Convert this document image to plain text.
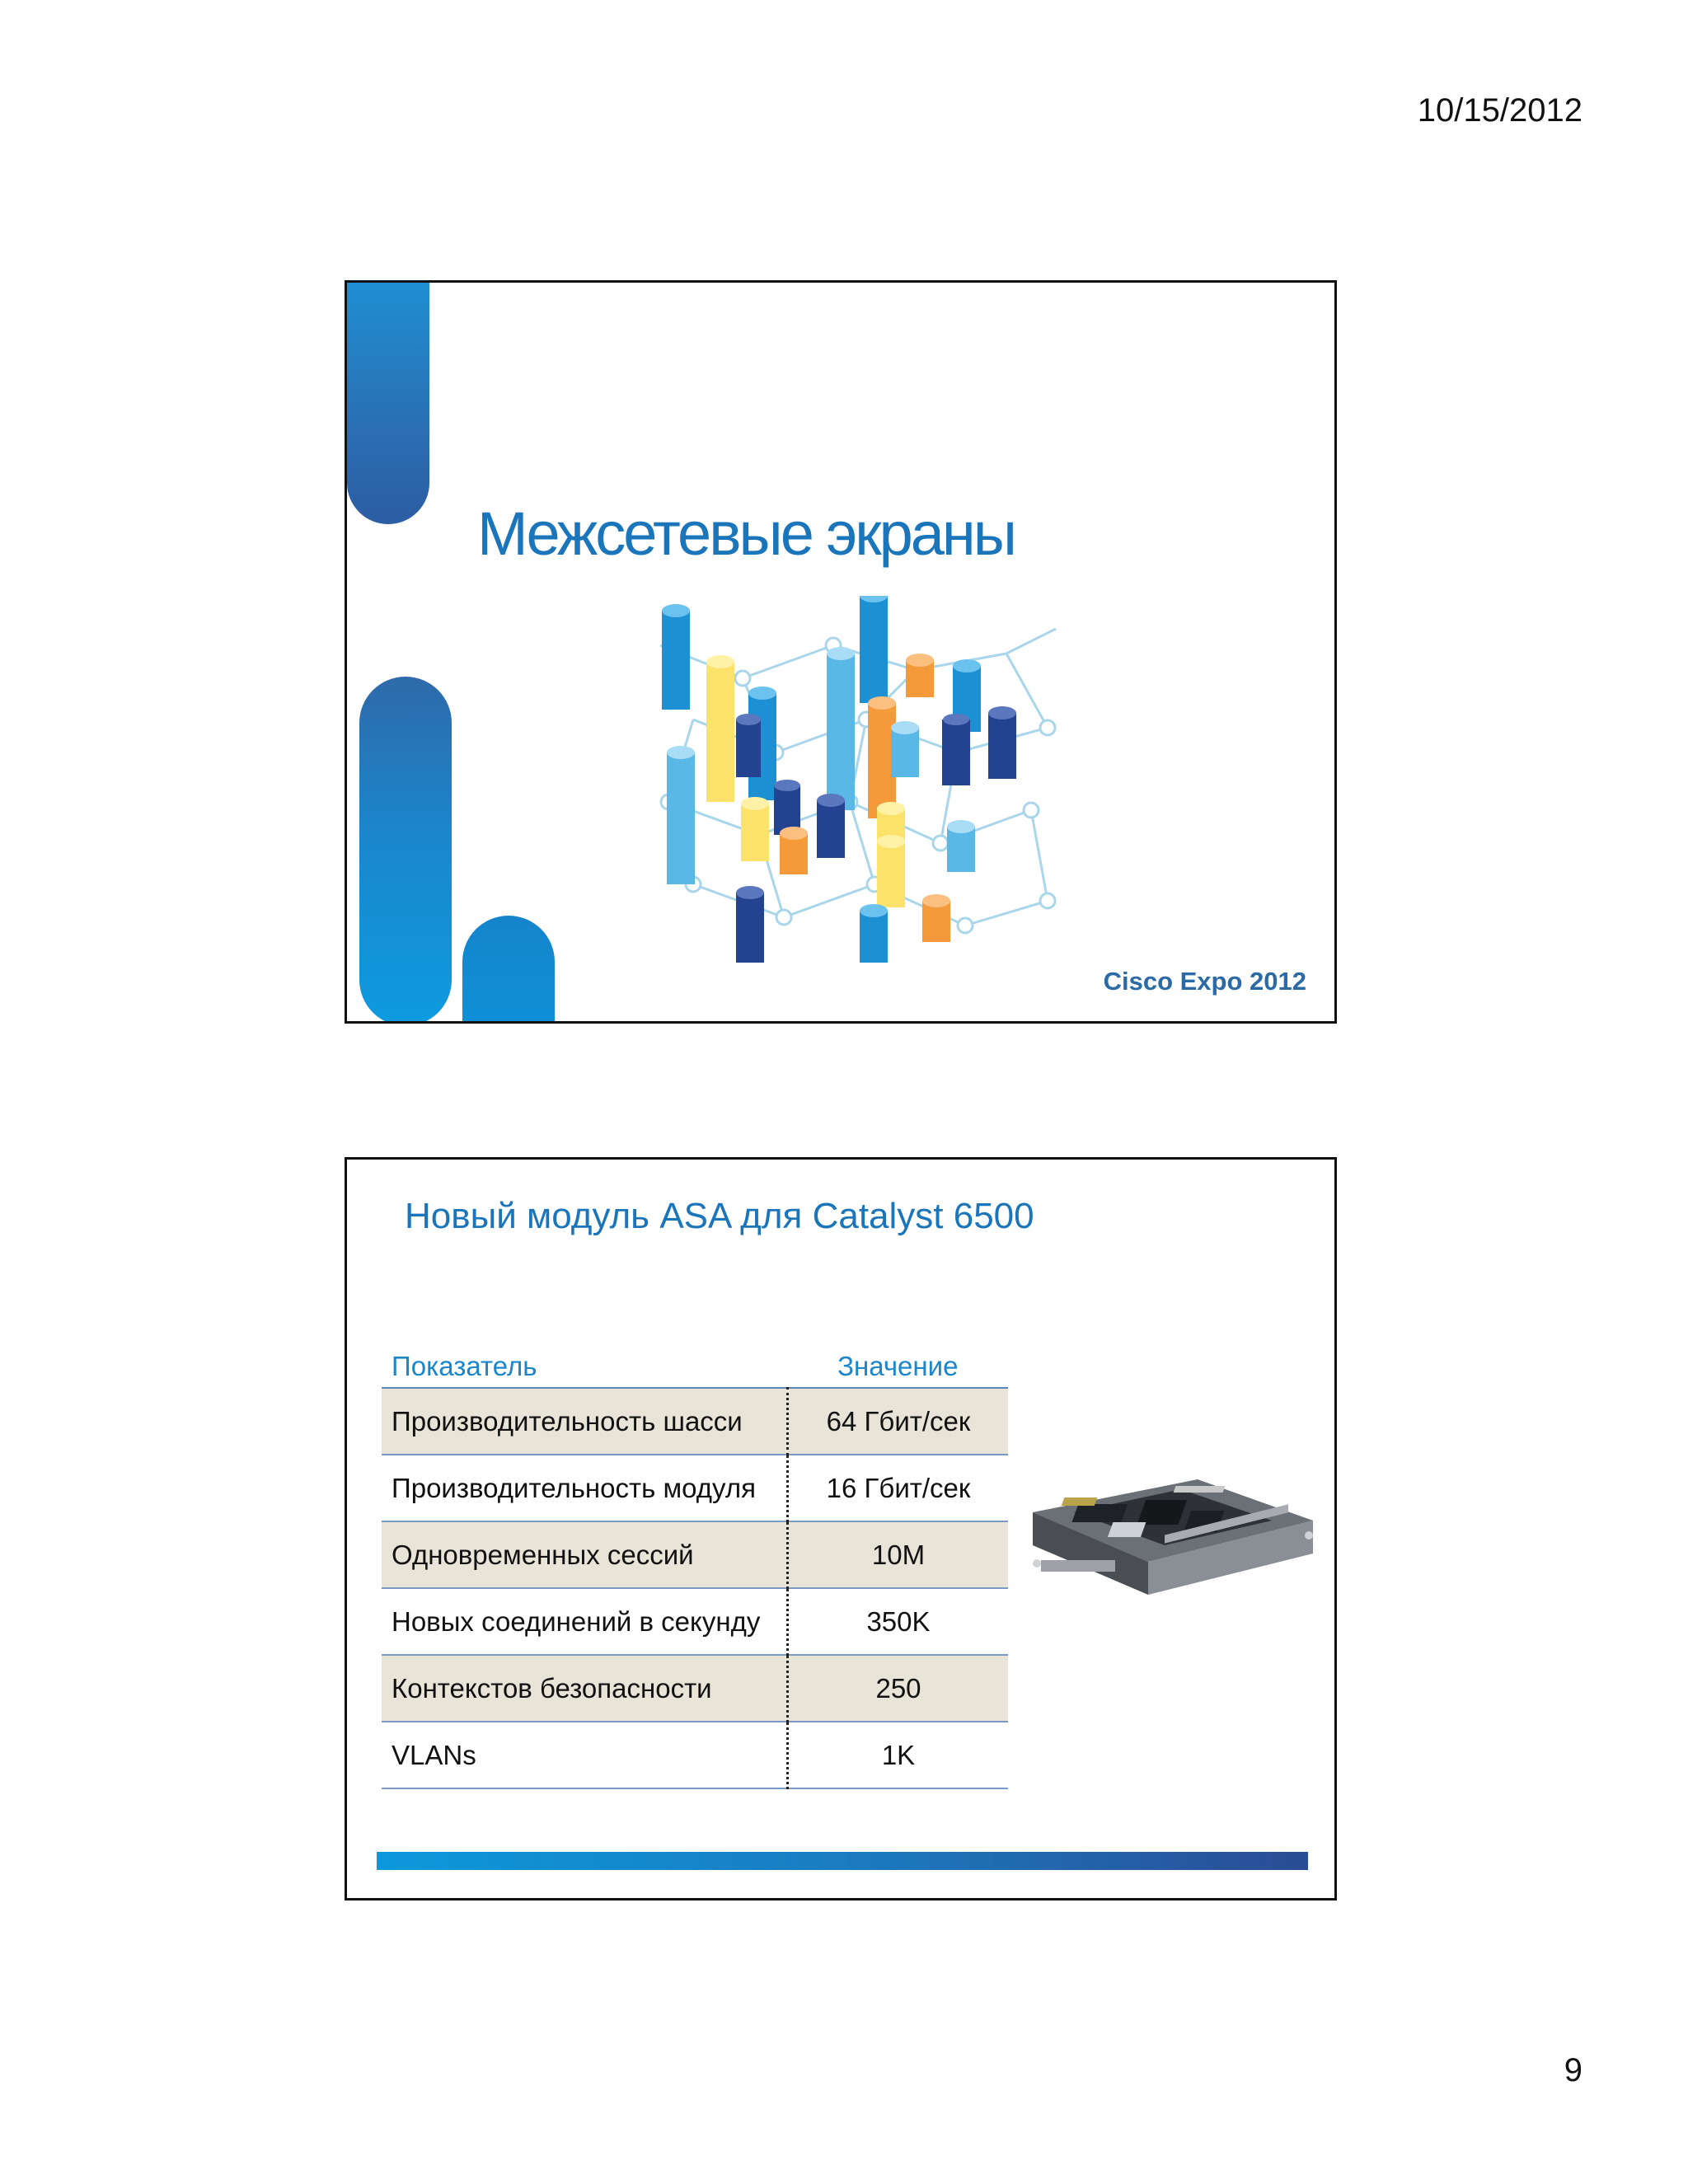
10/15/2012
Межсетевые экраны
Cisco Expo 2012
Новый модуль ASA для Catalyst 6500
Показатель	Значение
Производительность шасси	64 Гбит/сек
Производительность модуля	16 Гбит/сек
Одновременных сессий	10M
Новых соединений в секунду	350K
Контекстов безопасности	250
VLANs	1K
9
